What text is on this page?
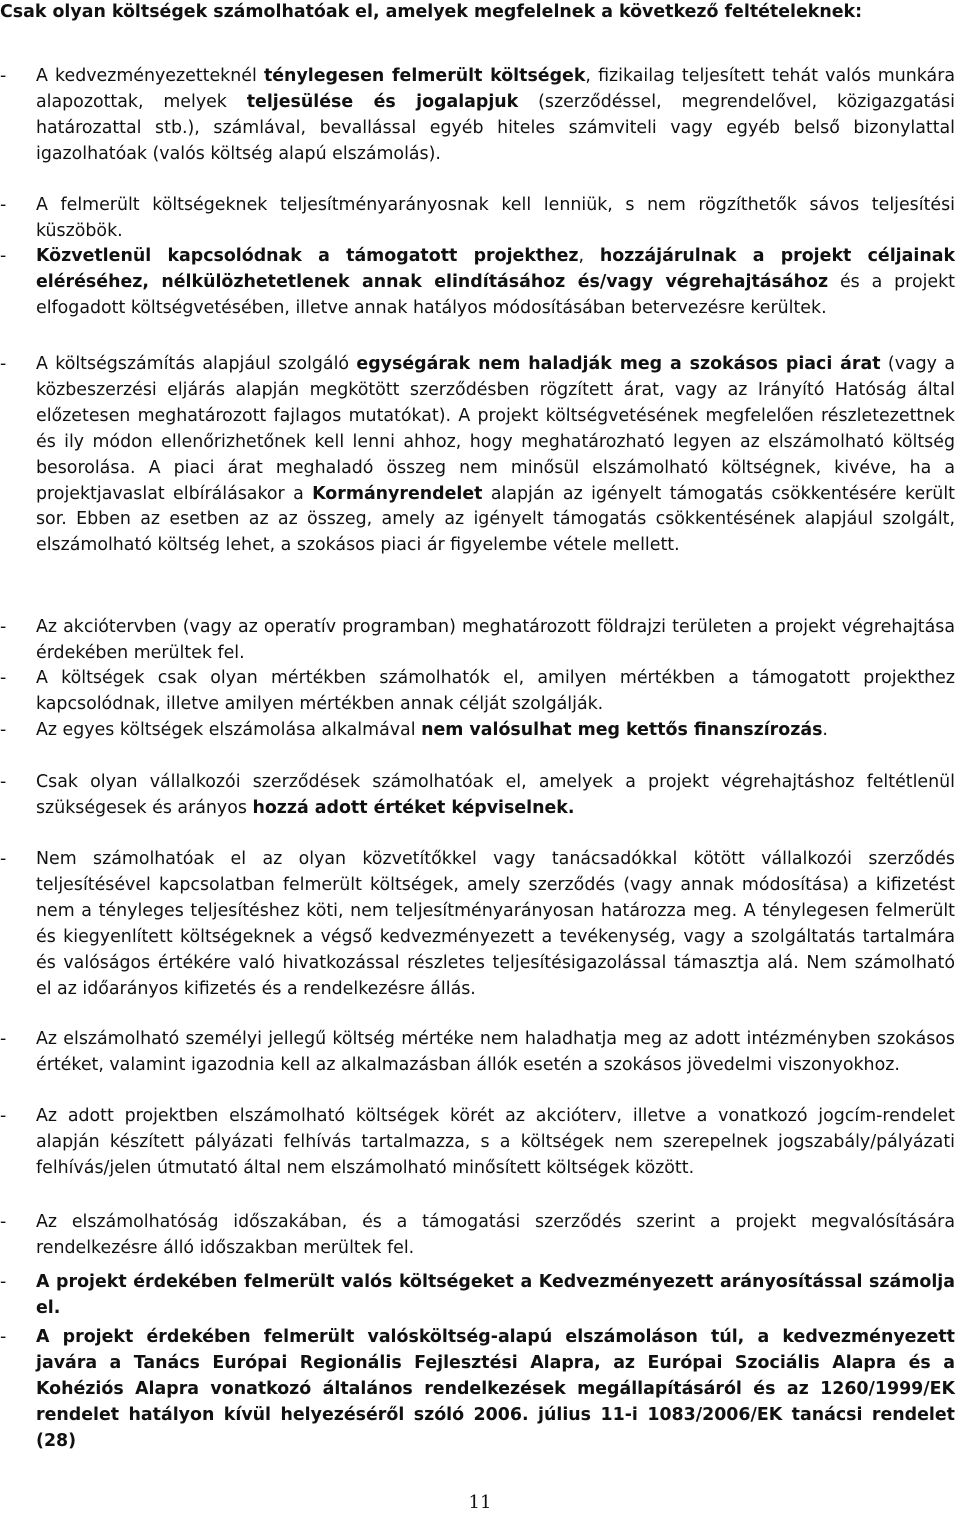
Csak olyan költségek számolhatóak el, amelyek megfelelnek a következő feltételeknek:
-	A kedvezményezetteknél ténylegesen felmerült költségek, fizikailag teljesített tehát valós munkára alapozottak, melyek teljesülése és jogalapjuk (szerződéssel, megrendelővel, közigazgatási határozattal stb.), számlával, bevallással egyéb hiteles számviteli vagy egyéb belső bizonylattal igazolhatóak (valós költség alapú elszámolás).
-	A felmerült költségeknek teljesítményarányosnak kell lenniük, s nem rögzíthetők sávos teljesítési küszöbök.
-	Közvetlenül kapcsolódnak a támogatott projekthez, hozzájárulnak a projekt céljainak eléréséhez, nélkülözhetetlenek annak elindításához és/vagy végrehajtásához és a projekt elfogadott költségvetésében, illetve annak hatályos módosításában betervezésre kerültek.
-	A költségszámítás alapjául szolgáló egységárak nem haladják meg a szokásos piaci árat (vagy a közbeszerzési eljárás alapján megkötött szerződésben rögzített árat, vagy az Irányító Hatóság által előzetesen meghatározott fajlagos mutatókat). A projekt költségvetésének megfelelően részletezettnek és ily módon ellenőrizhetőnek kell lenni ahhoz, hogy meghatározható legyen az elszámolható költség besorolása. A piaci árat meghaladó összeg nem minősül elszámolható költségnek, kivéve, ha a projektjavaslat elbírálásakor a Kormányrendelet alapján az igényelt támogatás csökkentésére került sor. Ebben az esetben az az összeg, amely az igényelt támogatás csökkentésének alapjául szolgált, elszámolható költség lehet, a szokásos piaci ár figyelembe vétele mellett.
-	Az akciótervben (vagy az operatív programban) meghatározott földrajzi területen a projekt végrehajtása érdekében merültek fel.
-	A költségek csak olyan mértékben számolhatók el, amilyen mértékben a támogatott projekthez kapcsolódnak, illetve amilyen mértékben annak célját szolgálják.
-	Az egyes költségek elszámolása alkalmával nem valósulhat meg kettős finanszírozás.
-	Csak olyan vállalkozói szerződések számolhatóak el, amelyek a projekt végrehajtáshoz feltétlenül szükségesek és arányos hozzá adott értéket képviselnek.
-	Nem számolhatóak el az olyan közvetítőkkel vagy tanácsadókkal kötött vállalkozói szerződés teljesítésével kapcsolatban felmerült költségek, amely szerződés (vagy annak módosítása) a kifizetést nem a tényleges teljesítéshez köti, nem teljesítményarányosan határozza meg. A ténylegesen felmerült és kiegyenlített költségeknek a végső kedvezményezett a tevékenység, vagy a szolgáltatás tartalmára és valóságos értékére való hivatkozással részletes teljesítésigazolással támasztja alá. Nem számolható el az időarányos kifizetés és a rendelkezésre állás.
-	Az elszámolható személyi jellegű költség mértéke nem haladhatja meg az adott intézményben szokásos értéket, valamint igazodnia kell az alkalmazásban állók esetén a szokásos jövedelmi viszonyokhoz.
-	Az adott projektben elszámolható költségek körét az akcióterv, illetve a vonatkozó jogcím-rendelet alapján készített pályázati felhívás tartalmazza, s a költségek nem szerepelnek jogszabály/pályázati felhívás/jelen útmutató által nem elszámolható minősített költségek között.
-	Az elszámolhatóság időszakában, és a támogatási szerződés szerint a projekt megvalósítására rendelkezésre álló időszakban merültek fel.
-	A projekt érdekében felmerült valós költségeket a Kedvezményezett arányosítással számolja el.
-	A projekt érdekében felmerült valósköltség-alapú elszámoláson túl, a kedvezményezett javára a Tanács Európai Regionális Fejlesztési Alapra, az Európai Szociális Alapra és a Kohéziós Alapra vonatkozó általános rendelkezések megállapításáról és az 1260/1999/EK rendelet hatályon kívül helyezéséről szóló 2006. július 11-i 1083/2006/EK tanácsi rendelet (28)
11
